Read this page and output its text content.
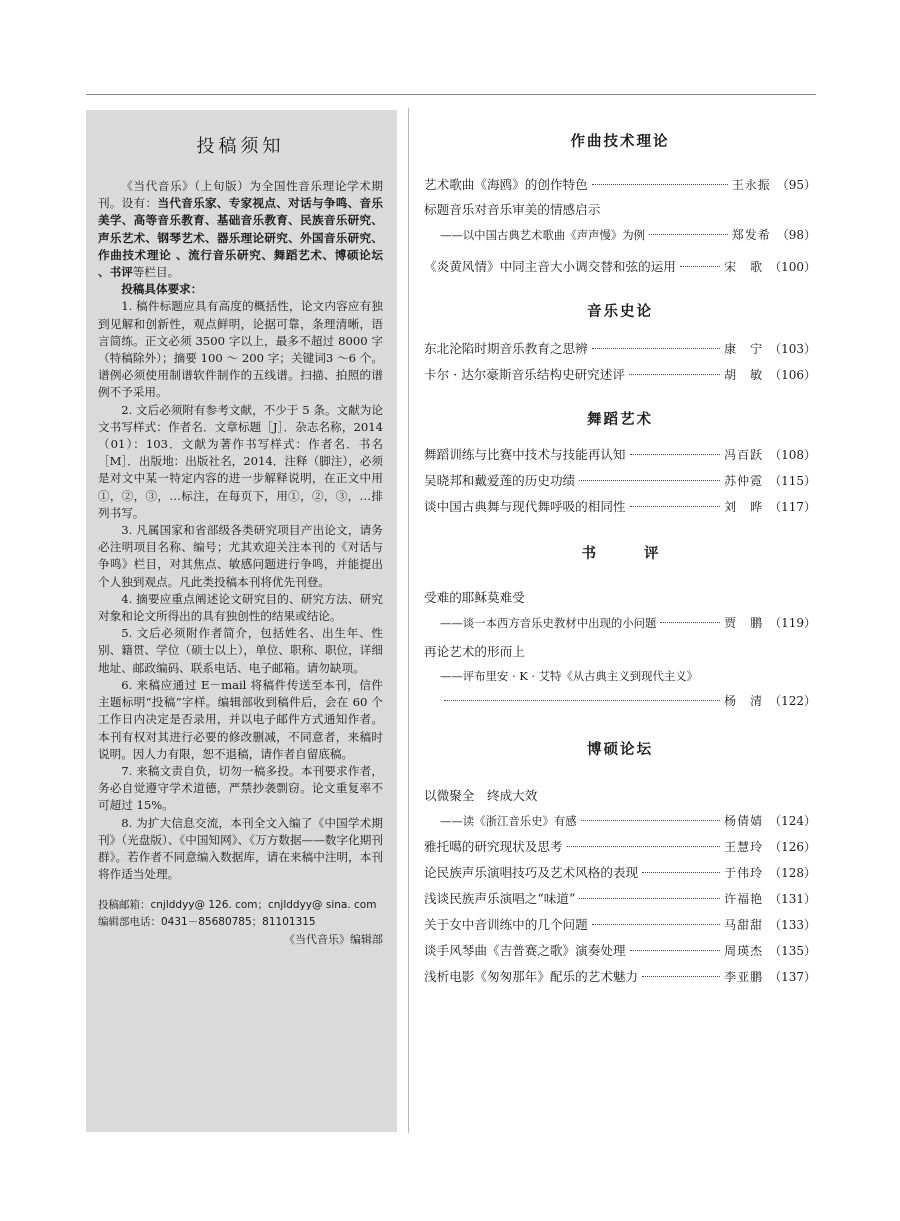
投稿须知

《当代音乐》（上旬版）为全国性音乐理论学术期刊。设有：当代音乐家、专家视点、对话与争鸣、音乐美学、高等音乐教育、基础音乐教育、民族音乐研究、声乐艺术、钢琴艺术、器乐理论研究、外国音乐研究、作曲技术理论 、流行音乐研究、舞蹈艺术、博硕论坛 、书评等栏目。

投稿具体要求：

1. 稿件标题应具有高度的概括性，论文内容应有独到见解和创新性，观点鲜明，论据可靠，条理清晰，语言简练。正文必须 3500 字以上，最多不超过 8000 字（特稿除外）；摘要 100 ～ 200 字；关键词3 ～6 个。谱例必须使用制谱软件制作的五线谱。扫描、拍照的谱例不予采用。

2. 文后必须附有参考文献，不少于 5 条。文献为论文书写样式：作者名．文章标题［J］．杂志名称，2014（01）：103．文献为著作书写样式：作者名．书名［M］．出版地：出版社名，2014．注释（脚注），必须是对文中某一特定内容的进一步解释说明，在正文中用①，②，③，…标注，在每页下，用①，②，③，…排列书写。

3. 凡属国家和省部级各类研究项目产出论文，请务必注明项目名称、编号；尤其欢迎关注本刊的《对话与争鸣》栏目，对其焦点、敏感问题进行争鸣，并能提出个人独到观点。凡此类投稿本刊将优先刊登。

4. 摘要应重点阐述论文研究目的、研究方法、研究对象和论文所得出的具有独创性的结果或结论。

5. 文后必须附作者简介，包括姓名、出生年、性别、籍贯、学位（硕士以上），单位、职称、职位，详细地址、邮政编码、联系电话、电子邮箱。请勿缺项。

6. 来稿应通过 E－mail 将稿件传送至本刊，信件主题标明“投稿”字样。编辑部收到稿件后，会在 60 个工作日内决定是否录用，并以电子邮件方式通知作者。本刊有权对其进行必要的修改删减，不同意者，来稿时说明。因人力有限，恕不退稿，请作者自留底稿。

7. 来稿文责自负，切勿一稿多投。本刊要求作者，务必自觉遵守学术道德，严禁抄袭剽窃。论文重复率不可超过 15%。

8. 为扩大信息交流，本刊全文入编了《中国学术期刊》（光盘版）、《中国知网》、《万方数据——数字化期刊群》。若作者不同意编入数据库，请在来稿中注明，本刊将作适当处理。

投稿邮箱：cnjlddyy@ 126. com；cnjlddyy@ sina. com
编辑部电话：0431－85680785；81101315
《当代音乐》编辑部
作曲技术理论
艺术歌曲《海鸥》的创作特色	王永振 （95）
标题音乐对音乐审美的情感启示
——以中国古典艺术歌曲《声声慢》为例	郑发希 （98）
《炎黄风情》中同主音大小调交替和弦的运用	宋　歌 （100）
音乐史论
东北沦陷时期音乐教育之思辨	康　宁 （103）
卡尔 · 达尔豪斯音乐结构史研究述评	胡　敏 （106）
舞蹈艺术
舞蹈训练与比赛中技术与技能再认知	冯百跃 （108）
吴晓邦和戴爱莲的历史功绩	苏仲霓 （115）
谈中国古典舞与现代舞呼吸的相同性	刘　晔 （117）
书评
受难的耶稣莫难受
——谈一本西方音乐史教材中出现的小问题	贾　鹏 （119）
再论艺术的形而上
——评布里安 · K · 艾特《从古典主义到现代主义》
杨　清 （122）
博硕论坛
以微聚全　终成大效
——读《浙江音乐史》有感	杨倩婧 （124）
雅托噶的研究现状及思考	王慧玲 （126）
论民族声乐演唱技巧及艺术风格的表现	于伟玲 （128）
浅谈民族声乐演唱之“味道”	许福艳 （131）
关于女中音训练中的几个问题	马甜甜 （133）
谈手风琴曲《吉普赛之歌》演奏处理	周瑛杰 （135）
浅析电影《匆匆那年》配乐的艺术魅力	李亚鹏 （137）
